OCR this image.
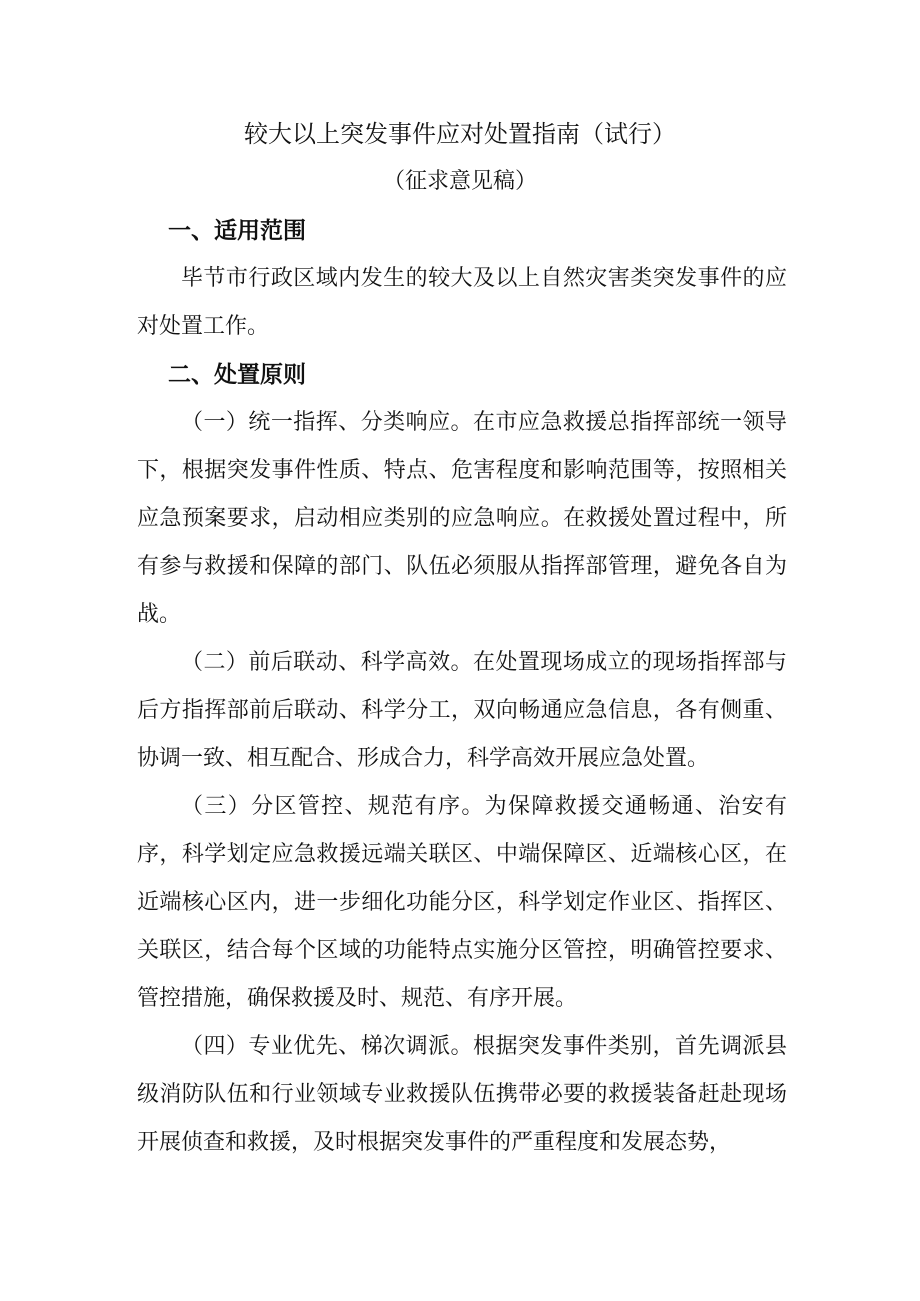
较大以上突发事件应对处置指南（试行）
（征求意见稿）
一、适用范围

毕节市行政区域内发生的较大及以上自然灾害类突发事件的应对处置工作。

二、处置原则

（一）统一指挥、分类响应。在市应急救援总指挥部统一领导下，根据突发事件性质、特点、危害程度和影响范围等，按照相关应急预案要求，启动相应类别的应急响应。在救援处置过程中，所有参与救援和保障的部门、队伍必须服从指挥部管理，避免各自为战。

（二）前后联动、科学高效。在处置现场成立的现场指挥部与后方指挥部前后联动、科学分工，双向畅通应急信息，各有侧重、协调一致、相互配合、形成合力，科学高效开展应急处置。

（三）分区管控、规范有序。为保障救援交通畅通、治安有序，科学划定应急救援远端关联区、中端保障区、近端核心区，在近端核心区内，进一步细化功能分区，科学划定作业区、指挥区、关联区，结合每个区域的功能特点实施分区管控，明确管控要求、管控措施，确保救援及时、规范、有序开展。

（四）专业优先、梯次调派。根据突发事件类别，首先调派县级消防队伍和行业领域专业救援队伍携带必要的救援装备赶赴现场开展侦查和救援，及时根据突发事件的严重程度和发展态势，
